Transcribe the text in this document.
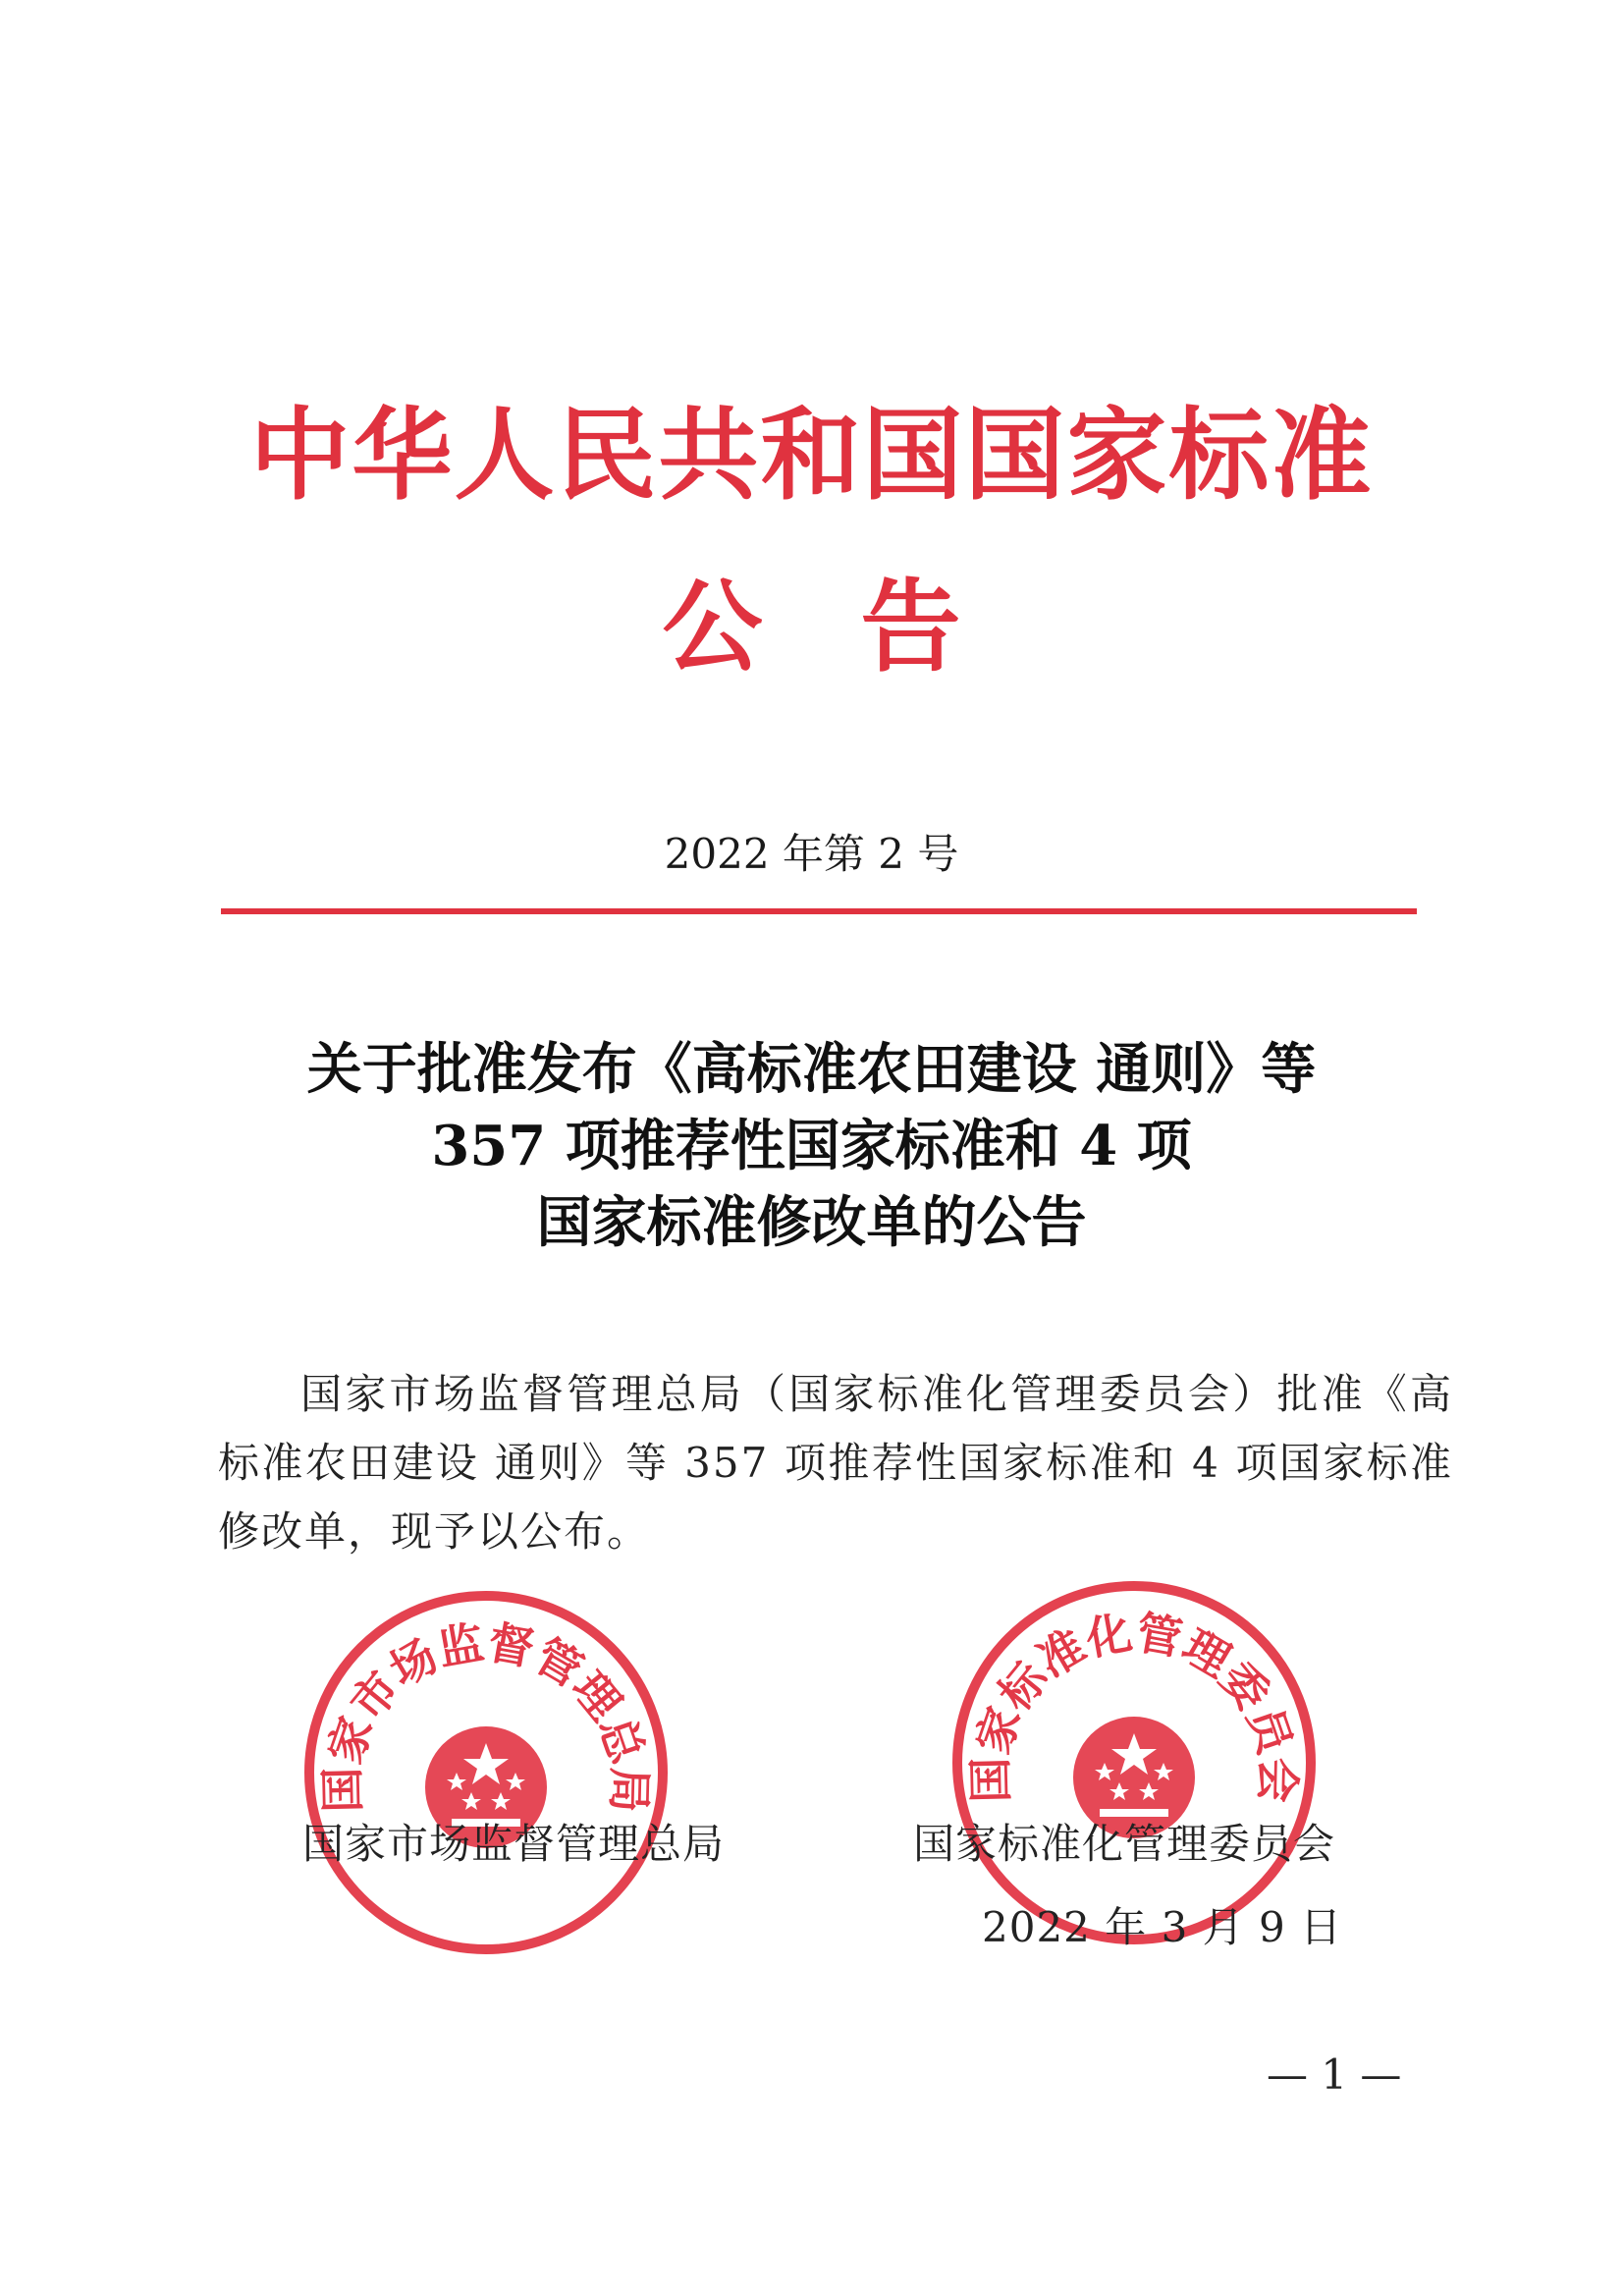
中华人民共和国国家标准
公告
2022 年第 2 号
关于批准发布《高标准农田建设 通则》等
357 项推荐性国家标准和 4 项
国家标准修改单的公告
国家市场监督管理总局（国家标准化管理委员会）批准《高标准农田建设 通则》等 357 项推荐性国家标准和 4 项国家标准修改单，现予以公布。
国家市场监督管理总局	国家标准化管理委员会
国家市场监督管理总局	国家标准化管理委员会
2022 年 3 月 9 日
— 1 —
